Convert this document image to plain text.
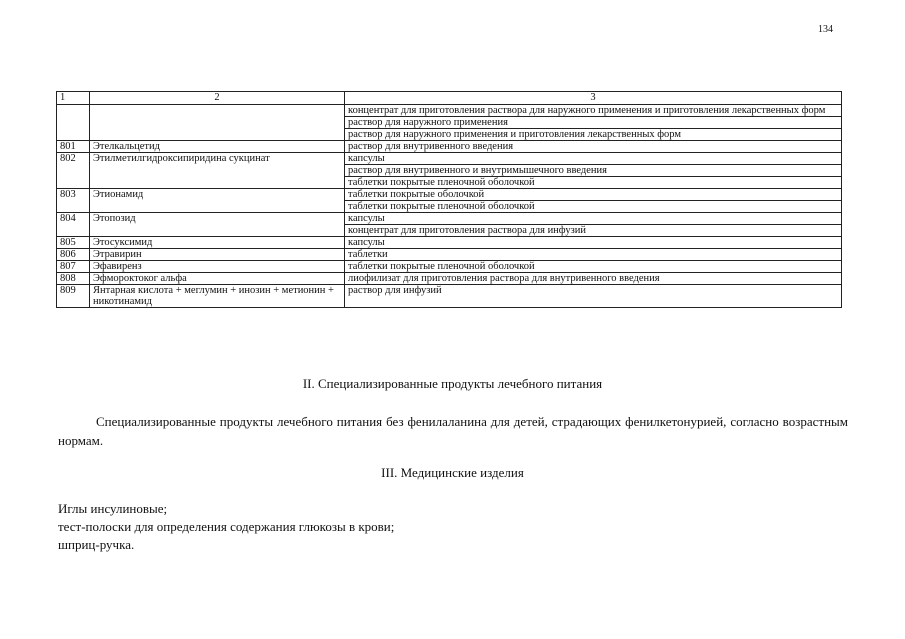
134
1	2	3
		концентрат для приготовления раствора для наружного применения и приготовления лекарственных форм
		раствор для наружного применения
		раствор для наружного применения и приготовления лекарственных форм
801	Этелкальцетид	раствор для внутривенного введения
802	Этилметилгидроксипиридина сукцинат	капсулы
		раствор для внутривенного и внутримышечного введения
		таблетки покрытые пленочной оболочкой
803	Этионамид	таблетки покрытые оболочкой
		таблетки покрытые пленочной оболочкой
804	Этопозид	капсулы
		концентрат для приготовления раствора для инфузий
805	Этосуксимид	капсулы
806	Этравирин	таблетки
807	Эфавиренз	таблетки покрытые пленочной оболочкой
808	Эфмороктоког альфа	лиофилизат для приготовления раствора для внутривенного введения
809	Янтарная кислота + меглумин + инозин + метионин + никотинамид	раствор для инфузий
II. Специализированные продукты лечебного питания
Специализированные продукты лечебного питания без фенилаланина для детей, страдающих фенилкетонурией, согласно возрастным нормам.
III. Медицинские изделия
Иглы инсулиновые;
тест-полоски для определения содержания глюкозы в крови;
шприц-ручка.
